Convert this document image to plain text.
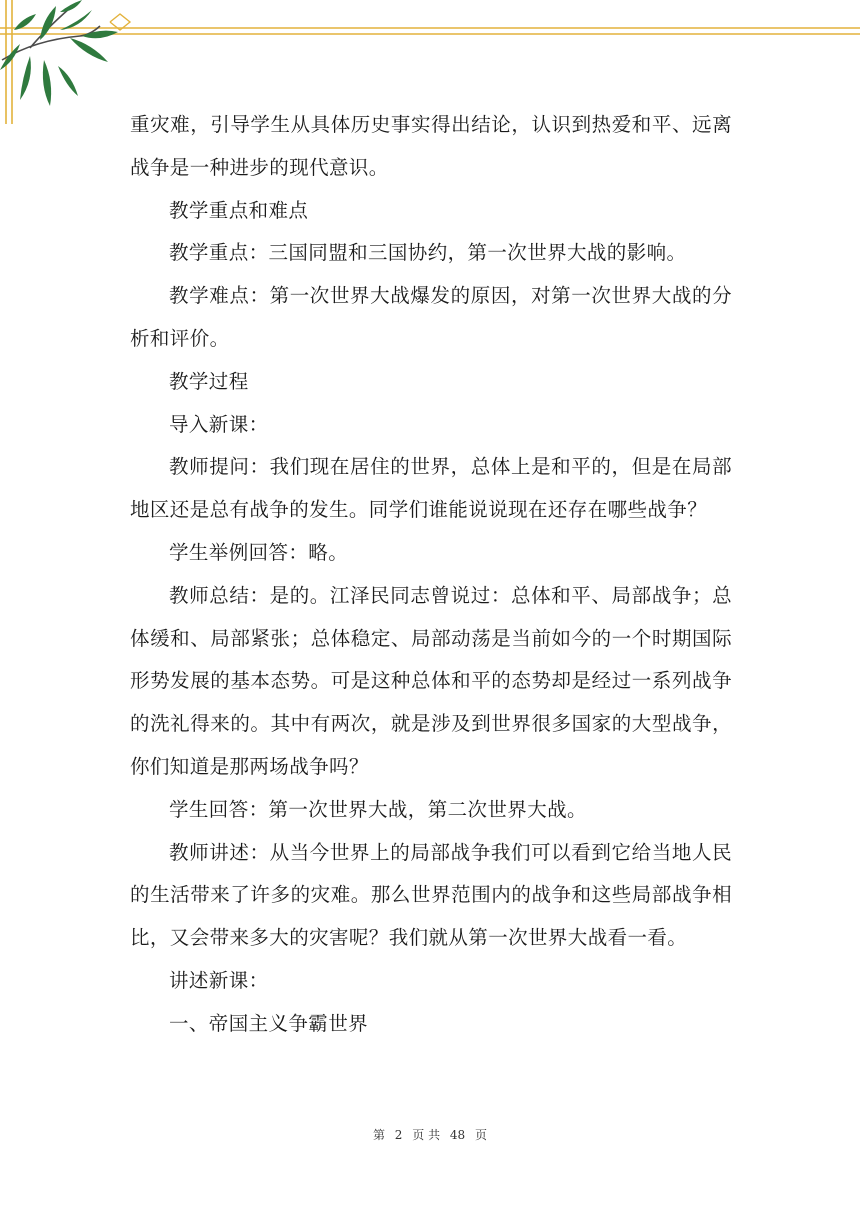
重灾难，引导学生从具体历史事实得出结论，认识到热爱和平、远离战争是一种进步的现代意识。

教学重点和难点

教学重点：三国同盟和三国协约，第一次世界大战的影响。

教学难点：第一次世界大战爆发的原因，对第一次世界大战的分析和评价。

教学过程

导入新课：

教师提问：我们现在居住的世界，总体上是和平的，但是在局部地区还是总有战争的发生。同学们谁能说说现在还存在哪些战争？

学生举例回答：略。

教师总结：是的。江泽民同志曾说过：总体和平、局部战争；总体缓和、局部紧张；总体稳定、局部动荡是当前如今的一个时期国际形势发展的基本态势。可是这种总体和平的态势却是经过一系列战争的洗礼得来的。其中有两次，就是涉及到世界很多国家的大型战争，你们知道是那两场战争吗？

学生回答：第一次世界大战，第二次世界大战。

教师讲述：从当今世界上的局部战争我们可以看到它给当地人民的生活带来了许多的灾难。那么世界范围内的战争和这些局部战争相比，又会带来多大的灾害呢？我们就从第一次世界大战看一看。

讲述新课：

一、帝国主义争霸世界

第 2 页 共 48 页
